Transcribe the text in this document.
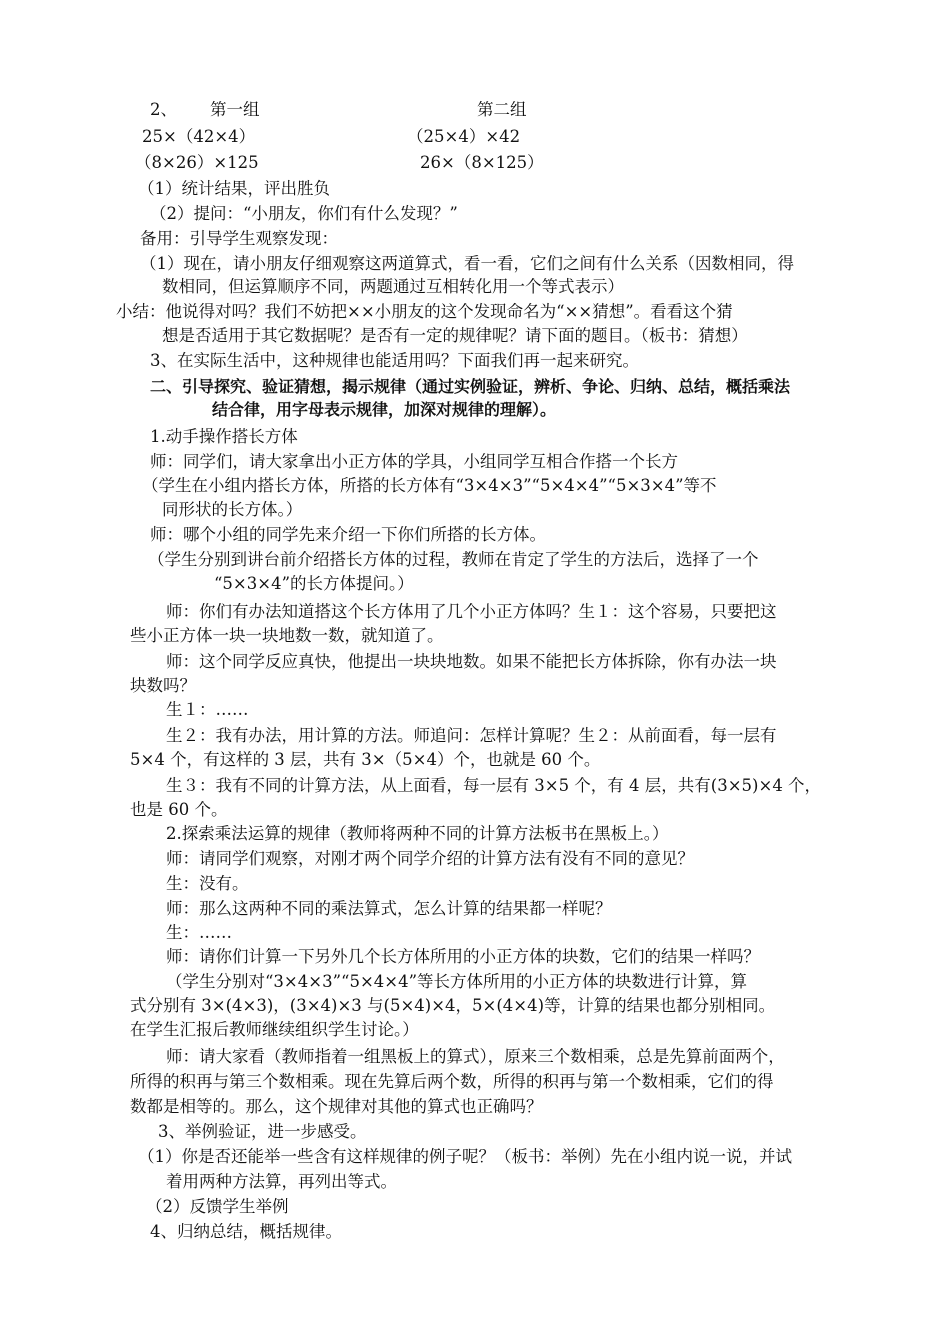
2、 第一组	第二组
25×（42×4）	（25×4）×42
（8×26）×125	26×（8×125）
（1）统计结果，评出胜负
（2）提问：“小朋友，你们有什么发现？”
备用：引导学生观察发现：
（1）现在，请小朋友仔细观察这两道算式，看一看，它们之间有什么关系（因数相同，得
数相同，但运算顺序不同，两题通过互相转化用一个等式表示）
小结：他说得对吗？我们不妨把××小朋友的这个发现命名为“××猜想”。看看这个猜
想是否适用于其它数据呢？是否有一定的规律呢？请下面的题目。（板书：猜想）
3、在实际生活中，这种规律也能适用吗？下面我们再一起来研究。
二、引导探究、验证猜想，揭示规律（通过实例验证，辨析、争论、归纳、总结，概括乘法
结合律，用字母表示规律，加深对规律的理解）。
1.动手操作搭长方体
师：同学们，请大家拿出小正方体的学具，小组同学互相合作搭一个长方
（学生在小组内搭长方体，所搭的长方体有“3×4×3”“5×4×4”“5×3×4”等不
同形状的长方体。）
师：哪个小组的同学先来介绍一下你们所搭的长方体。
（学生分别到讲台前介绍搭长方体的过程，教师在肯定了学生的方法后，选择了一个
“5×3×4”的长方体提问。）
师：你们有办法知道搭这个长方体用了几个小正方体吗？生１：这个容易，只要把这
些小正方体一块一块地数一数，就知道了。
师：这个同学反应真快，他提出一块块地数。如果不能把长方体拆除，你有办法一块
块数吗？
生１：……
生２：我有办法，用计算的方法。师追问：怎样计算呢？生２：从前面看，每一层有
5×4 个，有这样的 3 层，共有 3×（5×4）个，也就是 60 个。
生３：我有不同的计算方法，从上面看，每一层有 3×5 个，有 4 层，共有(3×5)×4 个，
也是 60 个。
2.探索乘法运算的规律（教师将两种不同的计算方法板书在黑板上。）
师：请同学们观察，对刚才两个同学介绍的计算方法有没有不同的意见？
生：没有。
师：那么这两种不同的乘法算式，怎么计算的结果都一样呢？
生：……
师：请你们计算一下另外几个长方体所用的小正方体的块数，它们的结果一样吗？
（学生分别对“3×4×3”“5×4×4”等长方体所用的小正方体的块数进行计算，算
式分别有 3×(4×3)，(3×4)×3 与(5×4)×4，5×(4×4)等，计算的结果也都分别相同。
在学生汇报后教师继续组织学生讨论。）
师：请大家看（教师指着一组黑板上的算式），原来三个数相乘，总是先算前面两个，
所得的积再与第三个数相乘。现在先算后两个数，所得的积再与第一个数相乘，它们的得
数都是相等的。那么，这个规律对其他的算式也正确吗？
3、举例验证，进一步感受。
（1）你是否还能举一些含有这样规律的例子呢？（板书：举例）先在小组内说一说，并试
着用两种方法算，再列出等式。
（2）反馈学生举例
4、归纳总结，概括规律。
